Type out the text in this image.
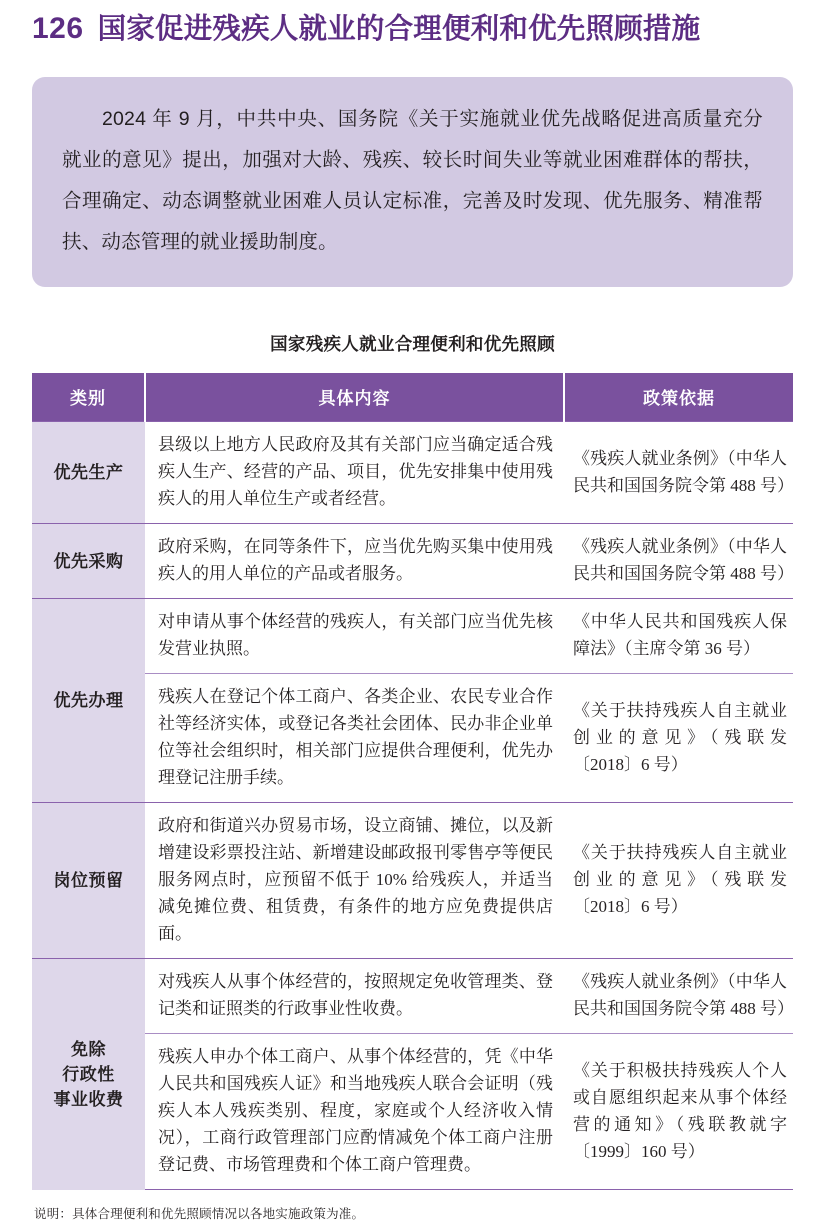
126 国家促进残疾人就业的合理便利和优先照顾措施

2024 年 9 月，中共中央、国务院《关于实施就业优先战略促进高质量充分就业的意见》提出，加强对大龄、残疾、较长时间失业等就业困难群体的帮扶，合理确定、动态调整就业困难人员认定标准，完善及时发现、优先服务、精准帮扶、动态管理的就业援助制度。

国家残疾人就业合理便利和优先照顾
类别	具体内容	政策依据

优先生产	县级以上地方人民政府及其有关部门应当确定适合残疾人生产、经营的产品、项目，优先安排集中使用残疾人的用人单位生产或者经营。	《残疾人就业条例》（中华人民共和国国务院令第 488 号）

优先采购	政府采购，在同等条件下，应当优先购买集中使用残疾人的用人单位的产品或者服务。	《残疾人就业条例》（中华人民共和国国务院令第 488 号）

优先办理	对申请从事个体经营的残疾人，有关部门应当优先核发营业执照。	《中华人民共和国残疾人保障法》（主席令第 36 号）
	残疾人在登记个体工商户、各类企业、农民专业合作社等经济实体，或登记各类社会团体、民办非企业单位等社会组织时，相关部门应提供合理便利，优先办理登记注册手续。	《关于扶持残疾人自主就业创业的意见》（残联发〔2018〕6 号）

岗位预留	政府和街道兴办贸易市场，设立商铺、摊位，以及新增建设彩票投注站、新增建设邮政报刊零售亭等便民服务网点时，应预留不低于 10% 给残疾人，并适当减免摊位费、租赁费，有条件的地方应免费提供店面。	《关于扶持残疾人自主就业创业的意见》（残联发〔2018〕6 号）

免除
行政性
事业收费	对残疾人从事个体经营的，按照规定免收管理类、登记类和证照类的行政事业性收费。	《残疾人就业条例》（中华人民共和国国务院令第 488 号）
	残疾人申办个体工商户、从事个体经营的，凭《中华人民共和国残疾人证》和当地残疾人联合会证明（残疾人本人残疾类别、程度，家庭或个人经济收入情况），工商行政管理部门应酌情减免个体工商户注册登记费、市场管理费和个体工商户管理费。	《关于积极扶持残疾人个人或自愿组织起来从事个体经营的通知》（残联教就字〔1999〕160 号）
说明：具体合理便利和优先照顾情况以各地实施政策为准。
